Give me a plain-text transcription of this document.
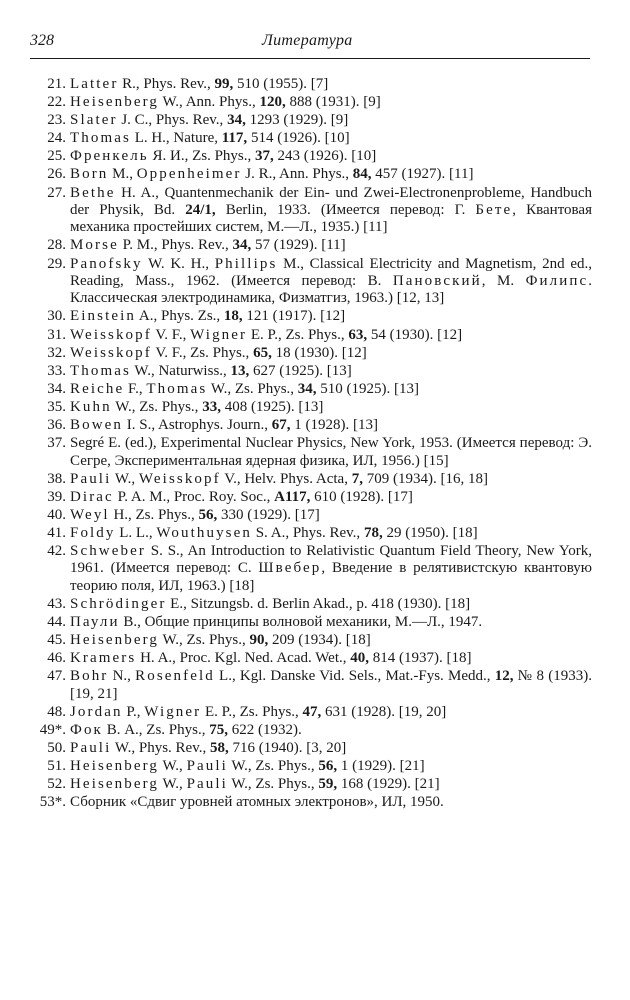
328	Литература
21. Latter R., Phys. Rev., 99, 510 (1955). [7]
22. Heisenberg W., Ann. Phys., 120, 888 (1931). [9]
23. Slater J. C., Phys. Rev., 34, 1293 (1929). [9]
24. Thomas L. H., Nature, 117, 514 (1926). [10]
25. Френкель Я. И., Zs. Phys., 37, 243 (1926). [10]
26. Born M., Oppenheimer J. R., Ann. Phys., 84, 457 (1927). [11]
27. Bethe H. A., Quantenmechanik der Ein- und Zwei-Electronenprobleme, Handbuch der Physik, Bd. 24/1, Berlin, 1933. (Имеется перевод: Г. Бете, Квантовая механика простейших систем, М.—Л., 1935.) [11]
28. Morse P. M., Phys. Rev., 34, 57 (1929). [11]
29. Panofsky W. K. H., Phillips M., Classical Electricity and Magnetism, 2nd ed., Reading, Mass., 1962. (Имеется перевод: В. Пановский, М. Филипс. Классическая электродинамика, Физматгиз, 1963.) [12, 13]
30. Einstein A., Phys. Zs., 18, 121 (1917). [12]
31. Weisskopf V. F., Wigner E. P., Zs. Phys., 63, 54 (1930). [12]
32. Weisskopf V. F., Zs. Phys., 65, 18 (1930). [12]
33. Thomas W., Naturwiss., 13, 627 (1925). [13]
34. Reiche F., Thomas W., Zs. Phys., 34, 510 (1925). [13]
35. Kuhn W., Zs. Phys., 33, 408 (1925). [13]
36. Bowen I. S., Astrophys. Journ., 67, 1 (1928). [13]
37. Segré E. (ed.), Experimental Nuclear Physics, New York, 1953. (Имеется перевод: Э. Сегре, Экспериментальная ядерная физика, ИЛ, 1956.) [15]
38. Pauli W., Weisskopf V., Helv. Phys. Acta, 7, 709 (1934). [16, 18]
39. Dirac P. A. M., Proc. Roy. Soc., A117, 610 (1928). [17]
40. Weyl H., Zs. Phys., 56, 330 (1929). [17]
41. Foldy L. L., Wouthuysen S. A., Phys. Rev., 78, 29 (1950). [18]
42. Schweber S. S., An Introduction to Relativistic Quantum Field Theory, New York, 1961. (Имеется перевод: С. Швебер, Введение в релятивистскую квантовую теорию поля, ИЛ, 1963.) [18]
43. Schrödinger E., Sitzungsb. d. Berlin Akad., p. 418 (1930). [18]
44. Паули В., Общие принципы волновой механики, М.—Л., 1947.
45. Heisenberg W., Zs. Phys., 90, 209 (1934). [18]
46. Kramers H. A., Proc. Kgl. Ned. Acad. Wet., 40, 814 (1937). [18]
47. Bohr N., Rosenfeld L., Kgl. Danske Vid. Sels., Mat.-Fys. Medd., 12, № 8 (1933). [19, 21]
48. Jordan P., Wigner E. P., Zs. Phys., 47, 631 (1928). [19, 20]
49*. Фок В. А., Zs. Phys., 75, 622 (1932).
50. Pauli W., Phys. Rev., 58, 716 (1940). [3, 20]
51. Heisenberg W., Pauli W., Zs. Phys., 56, 1 (1929). [21]
52. Heisenberg W., Pauli W., Zs. Phys., 59, 168 (1929). [21]
53*. Сборник «Сдвиг уровней атомных электронов», ИЛ, 1950.
